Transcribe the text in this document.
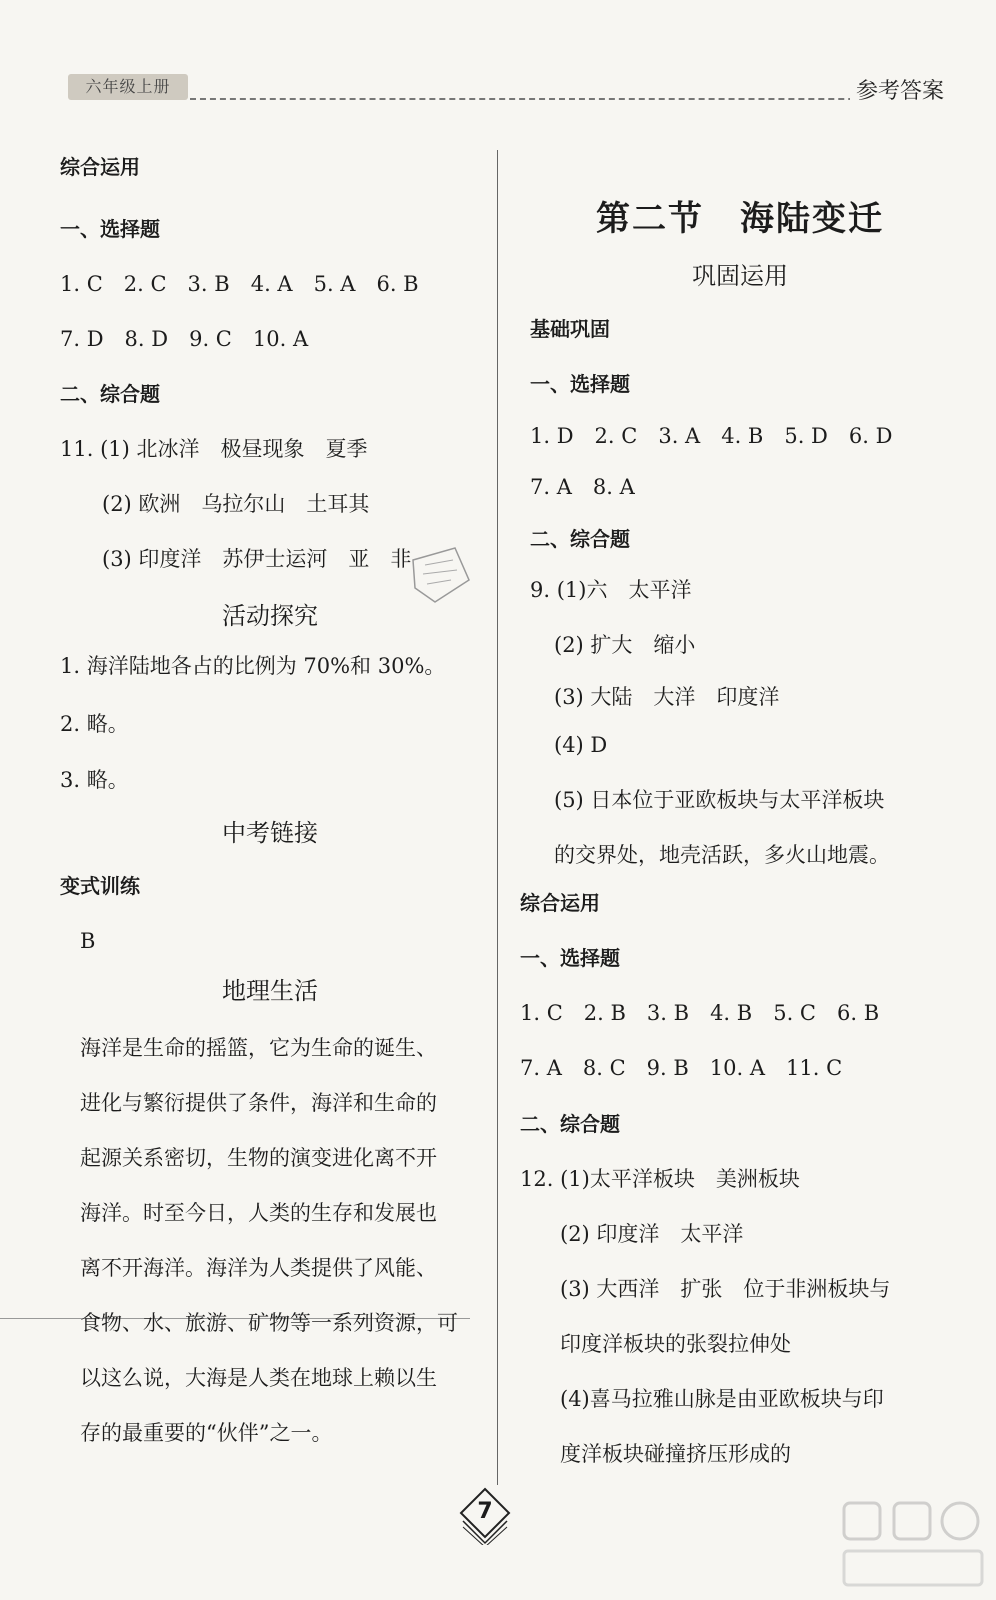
六年级上册	参考答案
综合运用
一、选择题
1. C　2. C　3. B　4. A　5. A　6. B
7. D　8. D　9. C　10. A
二、综合题
11. (1) 北冰洋　极昼现象　夏季
(2) 欧洲　乌拉尔山　土耳其
(3) 印度洋　苏伊士运河　亚　非
活动探究
1. 海洋陆地各占的比例为 70%和 30%。
2. 略。
3. 略。
中考链接
变式训练
B
地理生活
海洋是生命的摇篮，它为生命的诞生、
进化与繁衍提供了条件，海洋和生命的
起源关系密切，生物的演变进化离不开
海洋。时至今日，人类的生存和发展也
离不开海洋。海洋为人类提供了风能、
食物、水、旅游、矿物等一系列资源，可
以这么说，大海是人类在地球上赖以生
存的最重要的“伙伴”之一。
第二节　海陆变迁
巩固运用
基础巩固
一、选择题
1. D　2. C　3. A　4. B　5. D　6. D
7. A　8. A
二、综合题
9. (1)六　太平洋
(2) 扩大　缩小
(3) 大陆　大洋　印度洋
(4) D
(5) 日本位于亚欧板块与太平洋板块
的交界处，地壳活跃，多火山地震。
综合运用
一、选择题
1. C　2. B　3. B　4. B　5. C　6. B
7. A　8. C　9. B　10. A　11. C
二、综合题
12. (1)太平洋板块　美洲板块
(2) 印度洋　太平洋
(3) 大西洋　扩张　位于非洲板块与
印度洋板块的张裂拉伸处
(4)喜马拉雅山脉是由亚欧板块与印
度洋板块碰撞挤压形成的
7
